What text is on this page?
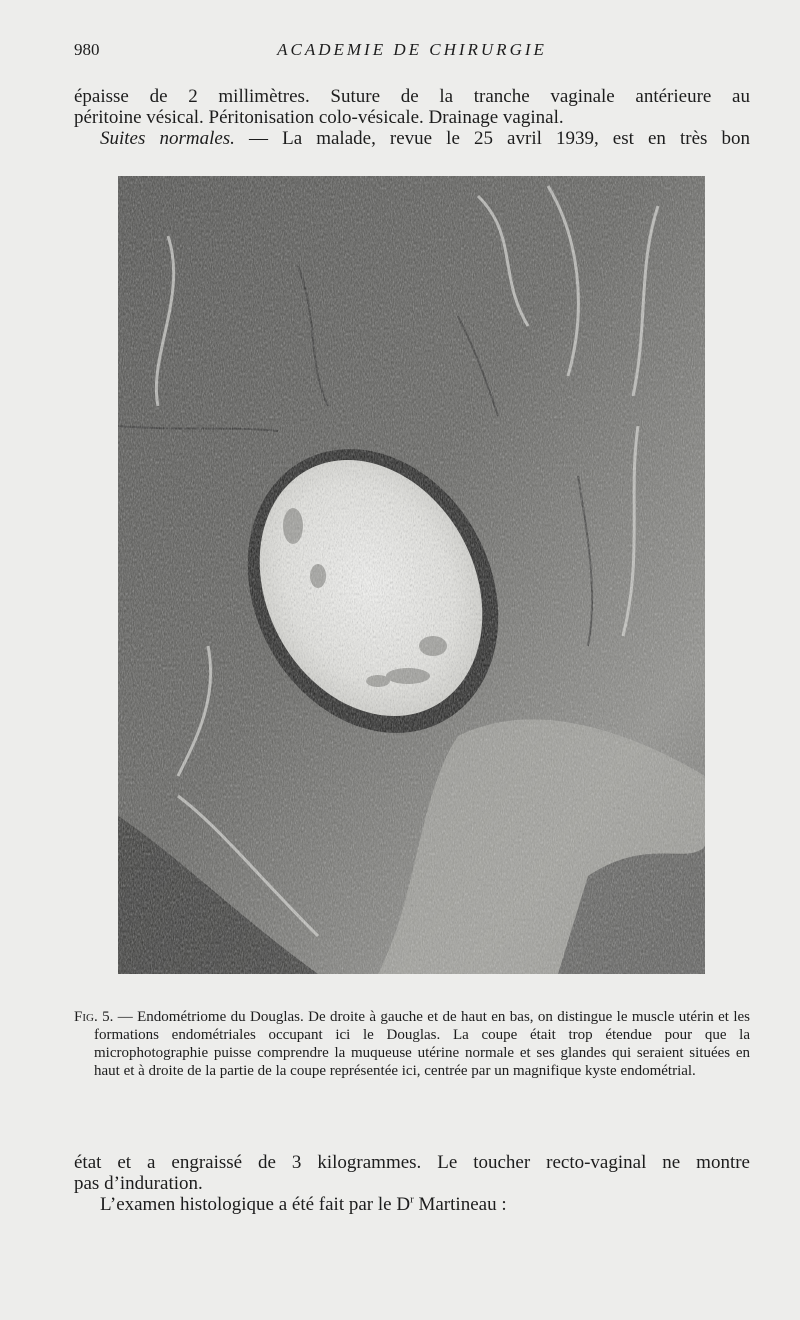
980	ACADEMIE DE CHIRURGIE

épaisse de 2 millimètres. Suture de la tranche vaginale antérieure au

péritoine vésical. Péritonisation colo-vésicale. Drainage vaginal.

Suites normales. — La malade, revue le 25 avril 1939, est en très bon

Fig. 5. — Endométriome du Douglas. De droite à gauche et de haut en bas, on distingue le muscle utérin et les formations endométriales occupant ici le Douglas. La coupe était trop étendue pour que la microphotographie puisse comprendre la muqueuse utérine normale et ses glandes qui seraient situées en haut et à droite de la partie de la coupe représentée ici, centrée par un magnifique kyste endométrial.

état et a engraissé de 3 kilogrammes. Le toucher recto-vaginal ne montre

pas d’induration.

L’examen histologique a été fait par le $D^r$ Martineau :
